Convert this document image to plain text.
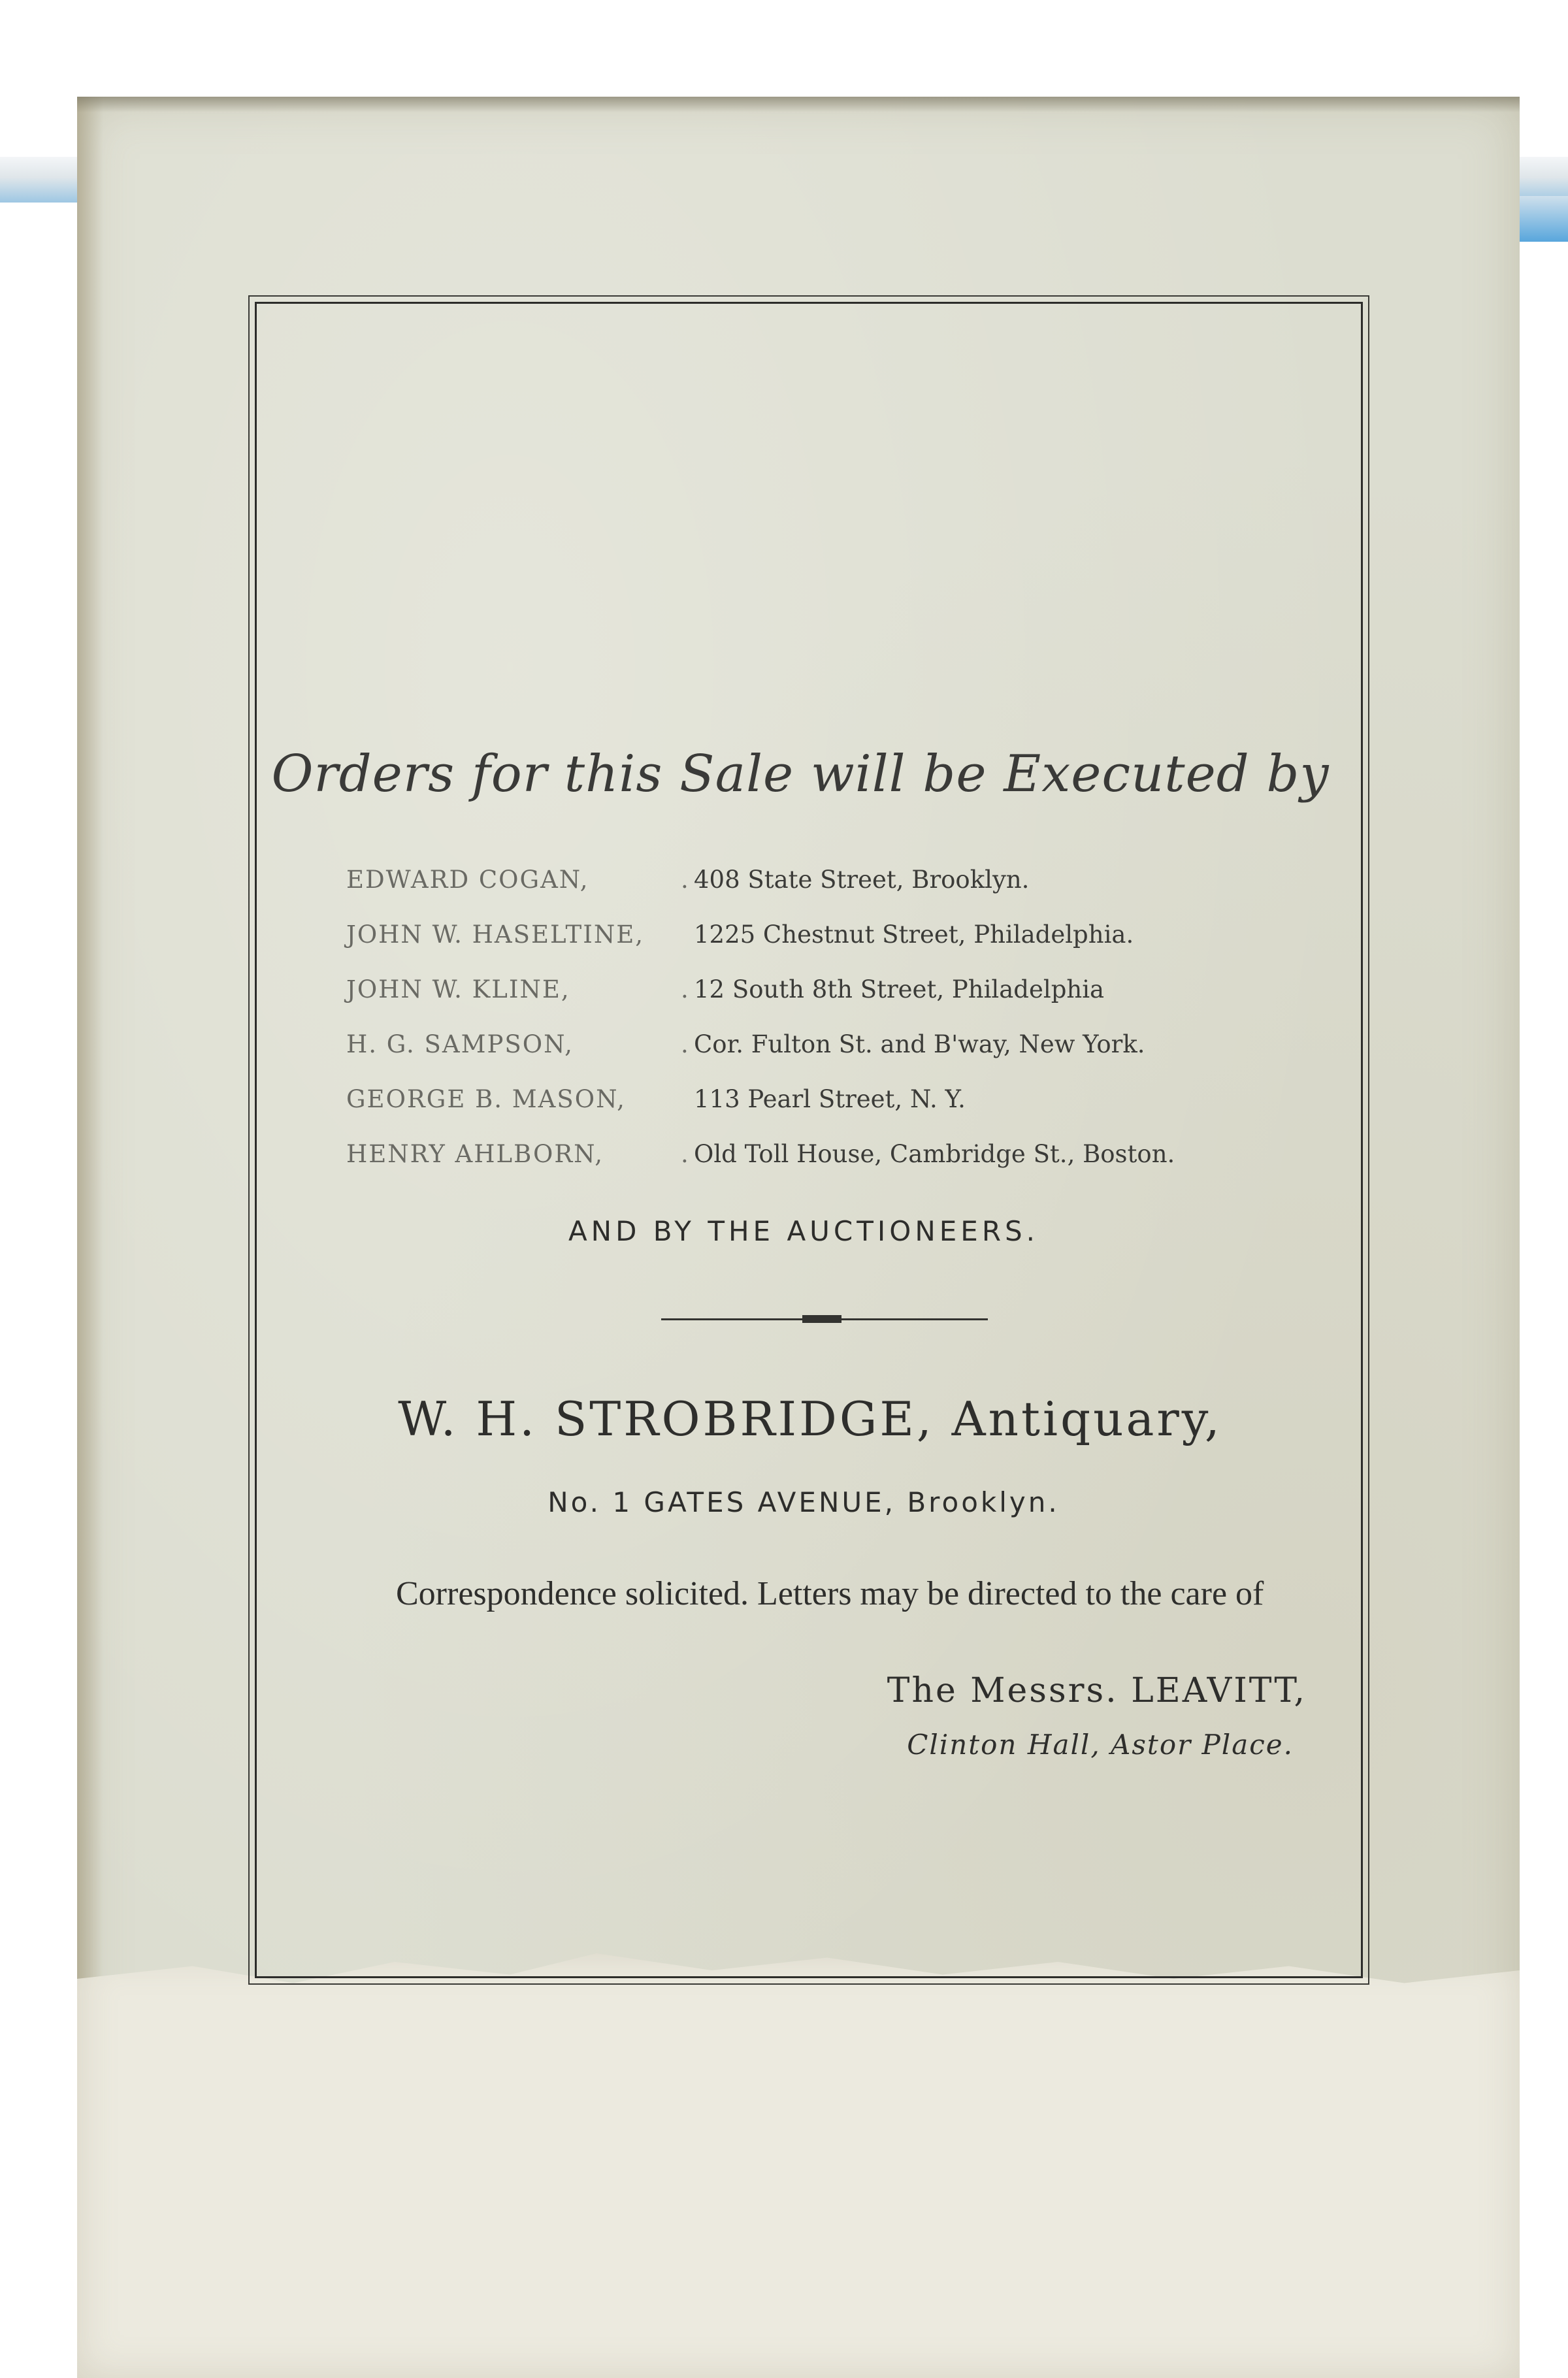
Orders for this Sale will be Executed by
EDWARD COGAN,	. 408 State Street, Brooklyn.
JOHN W. HASELTINE,	1225 Chestnut Street, Philadelphia.
JOHN W. KLINE,	. 12 South 8th Street, Philadelphia
H. G. SAMPSON,	. Cor. Fulton St. and B'way, New York.
GEORGE B. MASON,	113 Pearl Street, N. Y.
HENRY AHLBORN,	. Old Toll House, Cambridge St., Boston.
AND BY THE AUCTIONEERS.
W. H. STROBRIDGE, Antiquary,
No. 1 GATES AVENUE, Brooklyn.
Correspondence solicited. Letters may be directed to the care of
The Messrs. LEAVITT,
Clinton Hall, Astor Place.
